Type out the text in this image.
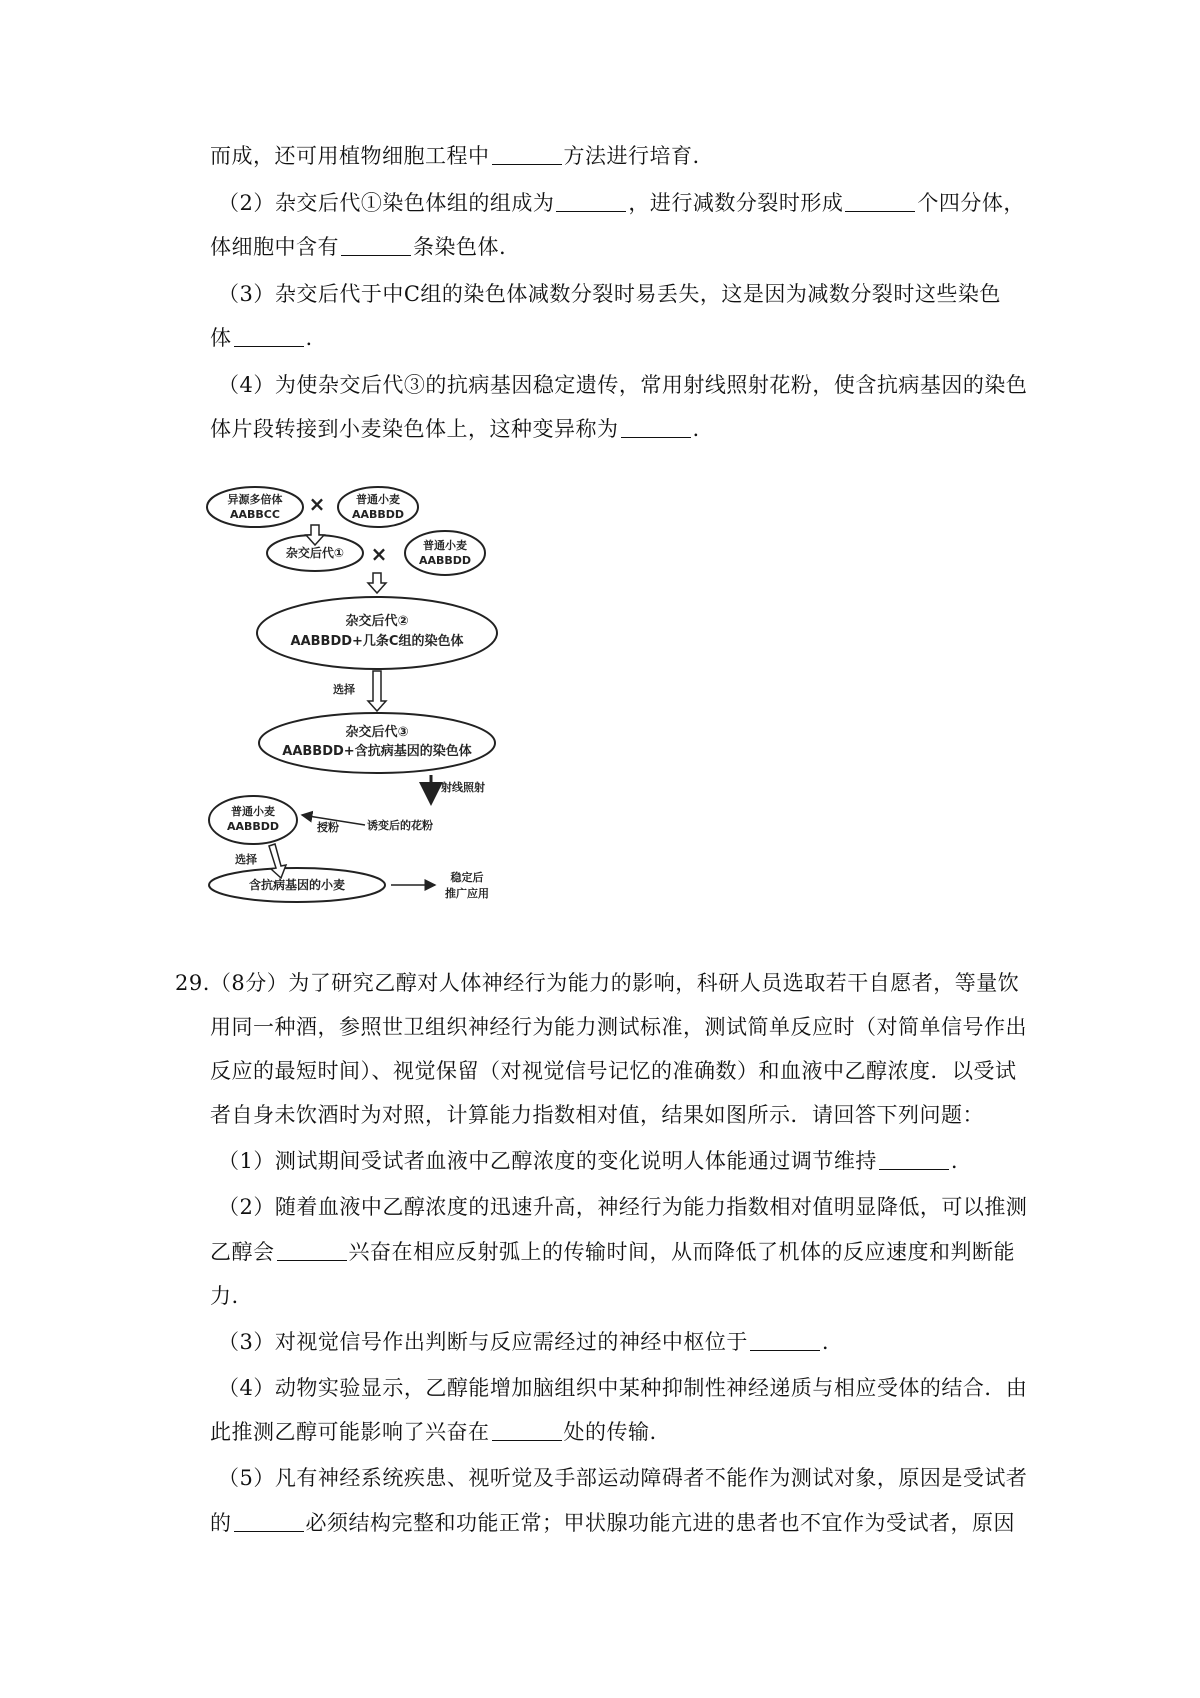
而成，还可用植物细胞工程中	方法进行培育.
（2）杂交后代①染色体组的组成为	，进行减数分裂时形成	个四分体，
体细胞中含有	条染色体.
（3）杂交后代于中C组的染色体减数分裂时易丢失，这是因为减数分裂时这些染色
体	.
（4）为使杂交后代③的抗病基因稳定遗传，常用射线照射花粉，使含抗病基因的染色
体片段转接到小麦染色体上，这种变异称为	.
异源多倍体
AABBCC ×	普通小麦
AABBDD
杂交后代① ×	普通小麦
AABBDD
杂交后代②
AABBDD+几条C组的染色体
选择
杂交后代③
AABBDD+含抗病基因的染色体
射线照射
普通小麦
AABBDD	授粉	诱变后的花粉
选择
含抗病基因的小麦
稳定后
推广应用
29.（8分）为了研究乙醇对人体神经行为能力的影响，科研人员选取若干自愿者，等量饮
用同一种酒，参照世卫组织神经行为能力测试标准，测试简单反应时（对简单信号作出
反应的最短时间）、视觉保留（对视觉信号记忆的准确数）和血液中乙醇浓度．以受试
者自身未饮酒时为对照，计算能力指数相对值，结果如图所示．请回答下列问题：
（1）测试期间受试者血液中乙醇浓度的变化说明人体能通过调节维持	.
（2）随着血液中乙醇浓度的迅速升高，神经行为能力指数相对值明显降低，可以推测
乙醇会	兴奋在相应反射弧上的传输时间，从而降低了机体的反应速度和判断能
力.
（3）对视觉信号作出判断与反应需经过的神经中枢位于	.
（4）动物实验显示，乙醇能增加脑组织中某种抑制性神经递质与相应受体的结合．由
此推测乙醇可能影响了兴奋在	处的传输.
（5）凡有神经系统疾患、视听觉及手部运动障碍者不能作为测试对象，原因是受试者
的	必须结构完整和功能正常；甲状腺功能亢进的患者也不宜作为受试者，原因
